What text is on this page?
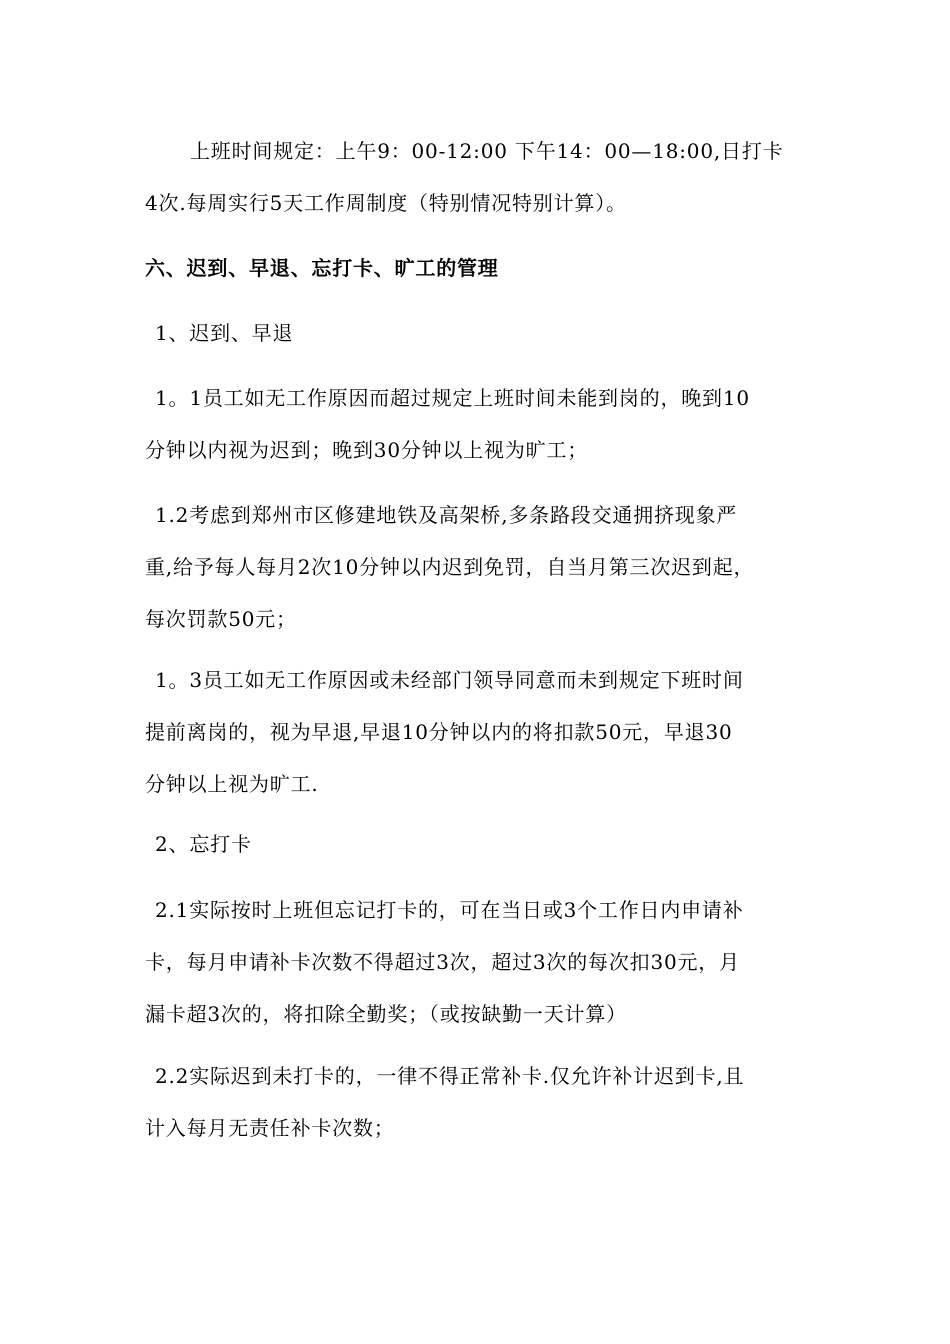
上班时间规定：上午9：00-12:00 下午14：00—18:00,日打卡
4次.每周实行5天工作周制度（特别情况特别计算）。

六、迟到、早退、忘打卡、旷工的管理

1、迟到、早退

1。1员工如无工作原因而超过规定上班时间未能到岗的，晚到10
分钟以内视为迟到；晚到30分钟以上视为旷工；

1.2考虑到郑州市区修建地铁及高架桥,多条路段交通拥挤现象严
重,给予每人每月2次10分钟以内迟到免罚，自当月第三次迟到起，
每次罚款50元；

1。3员工如无工作原因或未经部门领导同意而未到规定下班时间
提前离岗的，视为早退,早退10分钟以内的将扣款50元，早退30
分钟以上视为旷工.

2、忘打卡

2.1实际按时上班但忘记打卡的，可在当日或3个工作日内申请补
卡，每月申请补卡次数不得超过3次，超过3次的每次扣30元，月
漏卡超3次的，将扣除全勤奖；（或按缺勤一天计算）

2.2实际迟到未打卡的，一律不得正常补卡.仅允许补计迟到卡,且
计入每月无责任补卡次数；
